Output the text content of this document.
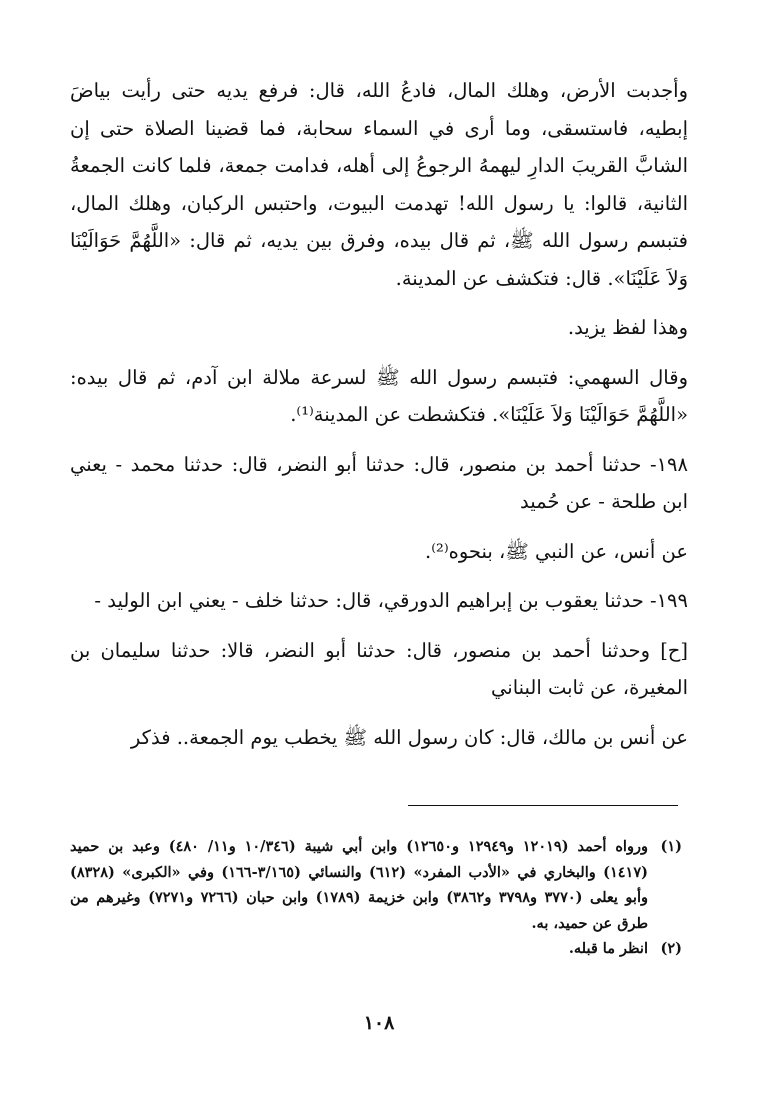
وأجدبت الأرض، وهلك المال، فادعُ الله، قال: فرفع يديه حتى رأيت بياضَ إبطيه، فاستسقى، وما أرى في السماء سحابة، فما قضينا الصلاة حتى إن الشابَّ القريبَ الدارِ ليهمهُ الرجوعُ إلى أهله، فدامت جمعة، فلما كانت الجمعةُ الثانية، قالوا: يا رسول الله! تهدمت البيوت، واحتبس الركبان، وهلك المال، فتبسم رسول الله ﷺ، ثم قال بيده، وفرق بين يديه، ثم قال: «اللَّهُمَّ حَوَالَيْنَا وَلاَ عَلَيْنَا». قال: فتكشف عن المدينة.

وهذا لفظ يزيد.

وقال السهمي: فتبسم رسول الله ﷺ لسرعة ملالة ابن آدم، ثم قال بيده: «اللَّهُمَّ حَوَالَيْنَا وَلاَ عَلَيْنَا». فتكشطت عن المدينة⁽¹⁾.

١٩٨- حدثنا أحمد بن منصور، قال: حدثنا أبو النضر، قال: حدثنا محمد - يعني ابن طلحة - عن حُميد

عن أنس، عن النبي ﷺ، بنحوه⁽²⁾.

١٩٩- حدثنا يعقوب بن إبراهيم الدورقي، قال: حدثنا خلف - يعني ابن الوليد -

[ح] وحدثنا أحمد بن منصور، قال: حدثنا أبو النضر، قالا: حدثنا سليمان بن المغيرة، عن ثابت البناني

عن أنس بن مالك، قال: كان رسول الله ﷺ يخطب يوم الجمعة.. فذكر

(١)
ورواه أحمد (١٢٠١٩ و١٢٩٤٩ و١٢٦٥٠) وابن أبي شيبة (١٠/٣٤٦ و١١/ ٤٨٠) وعبد بن حميد (١٤١٧) والبخاري في «الأدب المفرد» (٦١٢) والنسائي (٣/١٦٥-١٦٦) وفي «الكبرى» (٨٣٢٨) وأبو يعلى (٣٧٧٠ و٣٧٩٨ و٣٨٦٢) وابن خزيمة (١٧٨٩) وابن حبان (٧٢٦٦ و٧٢٧١) وغيرهم من طرق عن حميد، به.
(٢)
انظر ما قبله.
١٠٨
